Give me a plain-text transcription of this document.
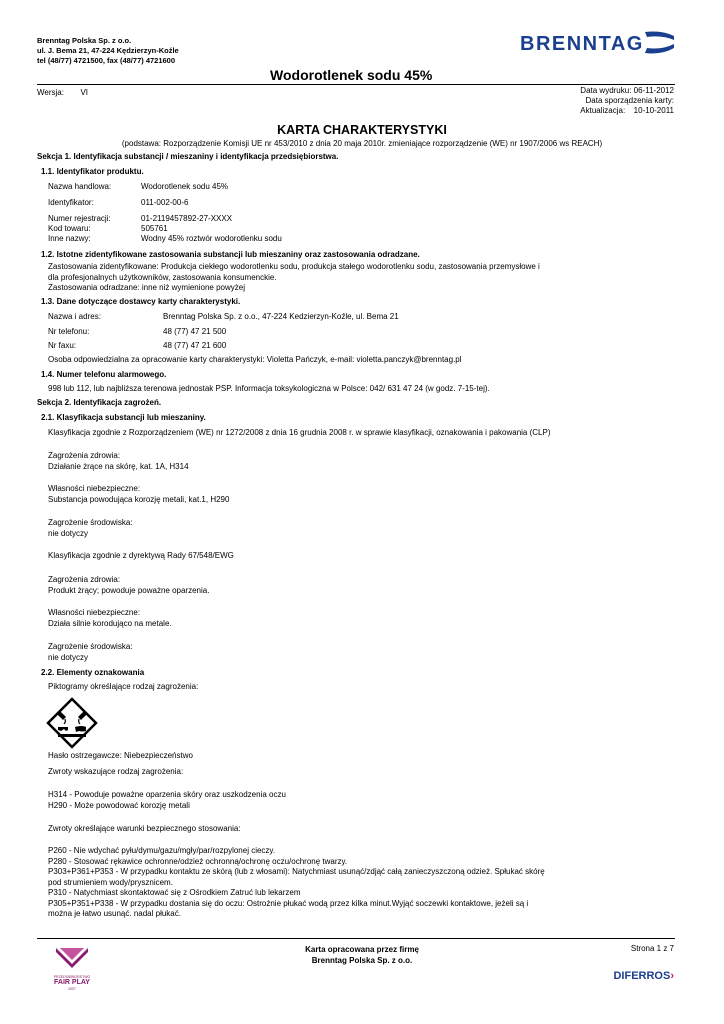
Brenntag Polska Sp. z o.o.
ul. J. Bema 21, 47-224 Kędzierzyn-Koźle
tel (48/77) 4721500, fax (48/77) 4721600
BRENNTAG
Wodorotlenek sodu 45%
Wersja: VI	Data wydruku: 06-11-2012
Data sporządzenia karty:
Aktualizacja: 10-10-2011
KARTA CHARAKTERYSTYKI
(podstawa: Rozporządzenie Komisji UE nr 453/2010 z dnia 20 maja 2010r. zmieniające rozporządzenie (WE) nr 1907/2006 ws REACH)
Sekcja 1. Identyfikacja substancji / mieszaniny i identyfikacja przedsiębiorstwa.
1.1. Identyfikator produktu.
Nazwa handlowa:	Wodorotlenek sodu 45%
Identyfikator:	011-002-00-6
Numer rejestracji:	01-2119457892-27-XXXX
Kod towaru:	505761
Inne nazwy:	Wodny 45% roztwór wodorotlenku sodu
1.2. Istotne zidentyfikowane zastosowania substancji lub mieszaniny oraz zastosowania odradzane.
Zastosowania zidentyfikowane: Produkcja ciekłego wodorotlenku sodu, produkcja stałego wodorotlenku sodu, zastosowania przemysłowe i
dla profesjonalnych użytkowników, zastosowania konsumenckie.
Zastosowania odradzane: inne niż wymienione powyżej
1.3. Dane dotyczące dostawcy karty charakterystyki.
Nazwa i adres:	Brenntag Polska Sp. z o.o., 47-224 Kedzierzyn-Koźle, ul. Bema 21
Nr telefonu:	48 (77) 47 21 500
Nr faxu:	48 (77) 47 21 600
Osoba odpowiedzialna za opracowanie karty charakterystyki: Violetta Pańczyk, e-mail: violetta.panczyk@brenntag.pl
1.4. Numer telefonu alarmowego.
998 lub 112, lub najbliższa terenowa jednostak PSP. Informacja toksykologiczna w Polsce: 042/ 631 47 24 (w godz. 7-15-tej).
Sekcja 2. Identyfikacja zagrożeń.
2.1. Klasyfikacja substancji lub mieszaniny.
Klasyfikacja zgodnie z Rozporządzeniem (WE) nr 1272/2008 z dnia 16 grudnia 2008 r. w sprawie klasyfikacji, oznakowania i pakowania (CLP)
Zagrożenia zdrowia:
Działanie żrące na skórę, kat. 1A, H314
Własności niebezpieczne:
Substancja powodująca korozję metali, kat.1, H290
Zagrożenie środowiska:
nie dotyczy
Klasyfikacja zgodnie z dyrektywą Rady 67/548/EWG
Zagrożenia zdrowia:
Produkt żrący; powoduje poważne oparzenia.
Własności niebezpieczne:
Działa silnie korodująco na metale.
Zagrożenie środowiska:
nie dotyczy
2.2. Elementy oznakowania
Piktogramy określające rodzaj zagrożenia:
Hasło ostrzegawcze: Niebezpieczeństwo
Zwroty wskazujące rodzaj zagrożenia:
H314 - Powoduje poważne oparzenia skóry oraz uszkodzenia oczu
H290 - Może powodować korozję metali
Zwroty określające warunki bezpiecznego stosowania:
P260 - Nie wdychać pyłu/dymu/gazu/mgły/par/rozpylonej cieczy.
P280 - Stosować rękawice ochronne/odzież ochronną/ochronę oczu/ochronę twarzy.
P303+P361+P353 - W przypadku kontaktu ze skórą (lub z włosami): Natychmiast usunąć/zdjąć całą zanieczyszczoną odzież. Spłukać skórę
pod strumieniem wody/prysznicem.
P310 - Natychmiast skontaktować się z Ośrodkiem Zatruć lub lekarzem
P305+P351+P338 - W przypadku dostania się do oczu: Ostrożnie płukać wodą przez kilka minut.Wyjąć soczewki kontaktowe, jeżeli są i
można je łatwo usunąć. nadal płukać.
PRZEDSIĘBIORSTWO
FAIR PLAY
2007
Karta opracowana przez firmę
Brenntag Polska Sp. z o.o.
Strona 1 z 7
DIFERROS›
